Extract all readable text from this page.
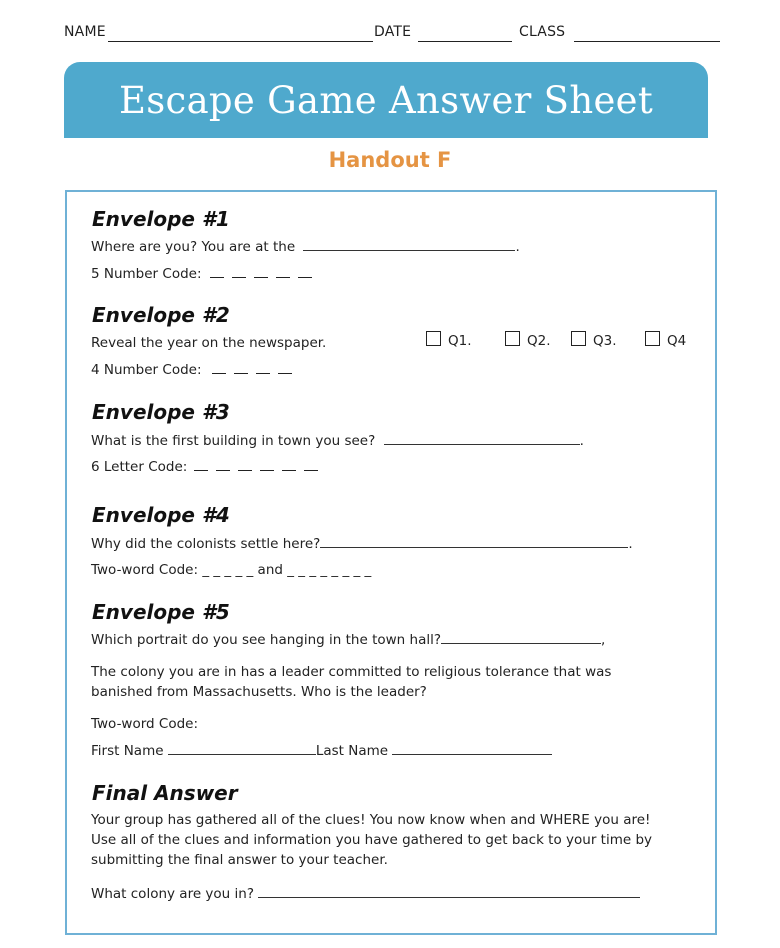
NAME	DATE	CLASS
Escape Game Answer Sheet
Handout F
Envelope #1
Where are you? You are at the	.
5 Number Code:
Envelope #2
Reveal the year on the newspaper.	Q1.	Q2.	Q3.	Q4
4 Number Code:
Envelope #3
What is the first building in town you see?	.
6 Letter Code:
Envelope #4
Why did the colonists settle here?	.
Two-word Code: _ _ _ _ _ and _ _ _ _ _ _ _ _
Envelope #5
Which portrait do you see hanging in the town hall?	,
The colony you are in has a leader committed to religious tolerance that was
banished from Massachusetts. Who is the leader?
Two-word Code:
First Name	Last Name
Final Answer
Your group has gathered all of the clues! You now know when and WHERE you are!
Use all of the clues and information you have gathered to get back to your time by
submitting the final answer to your teacher.
What colony are you in?
